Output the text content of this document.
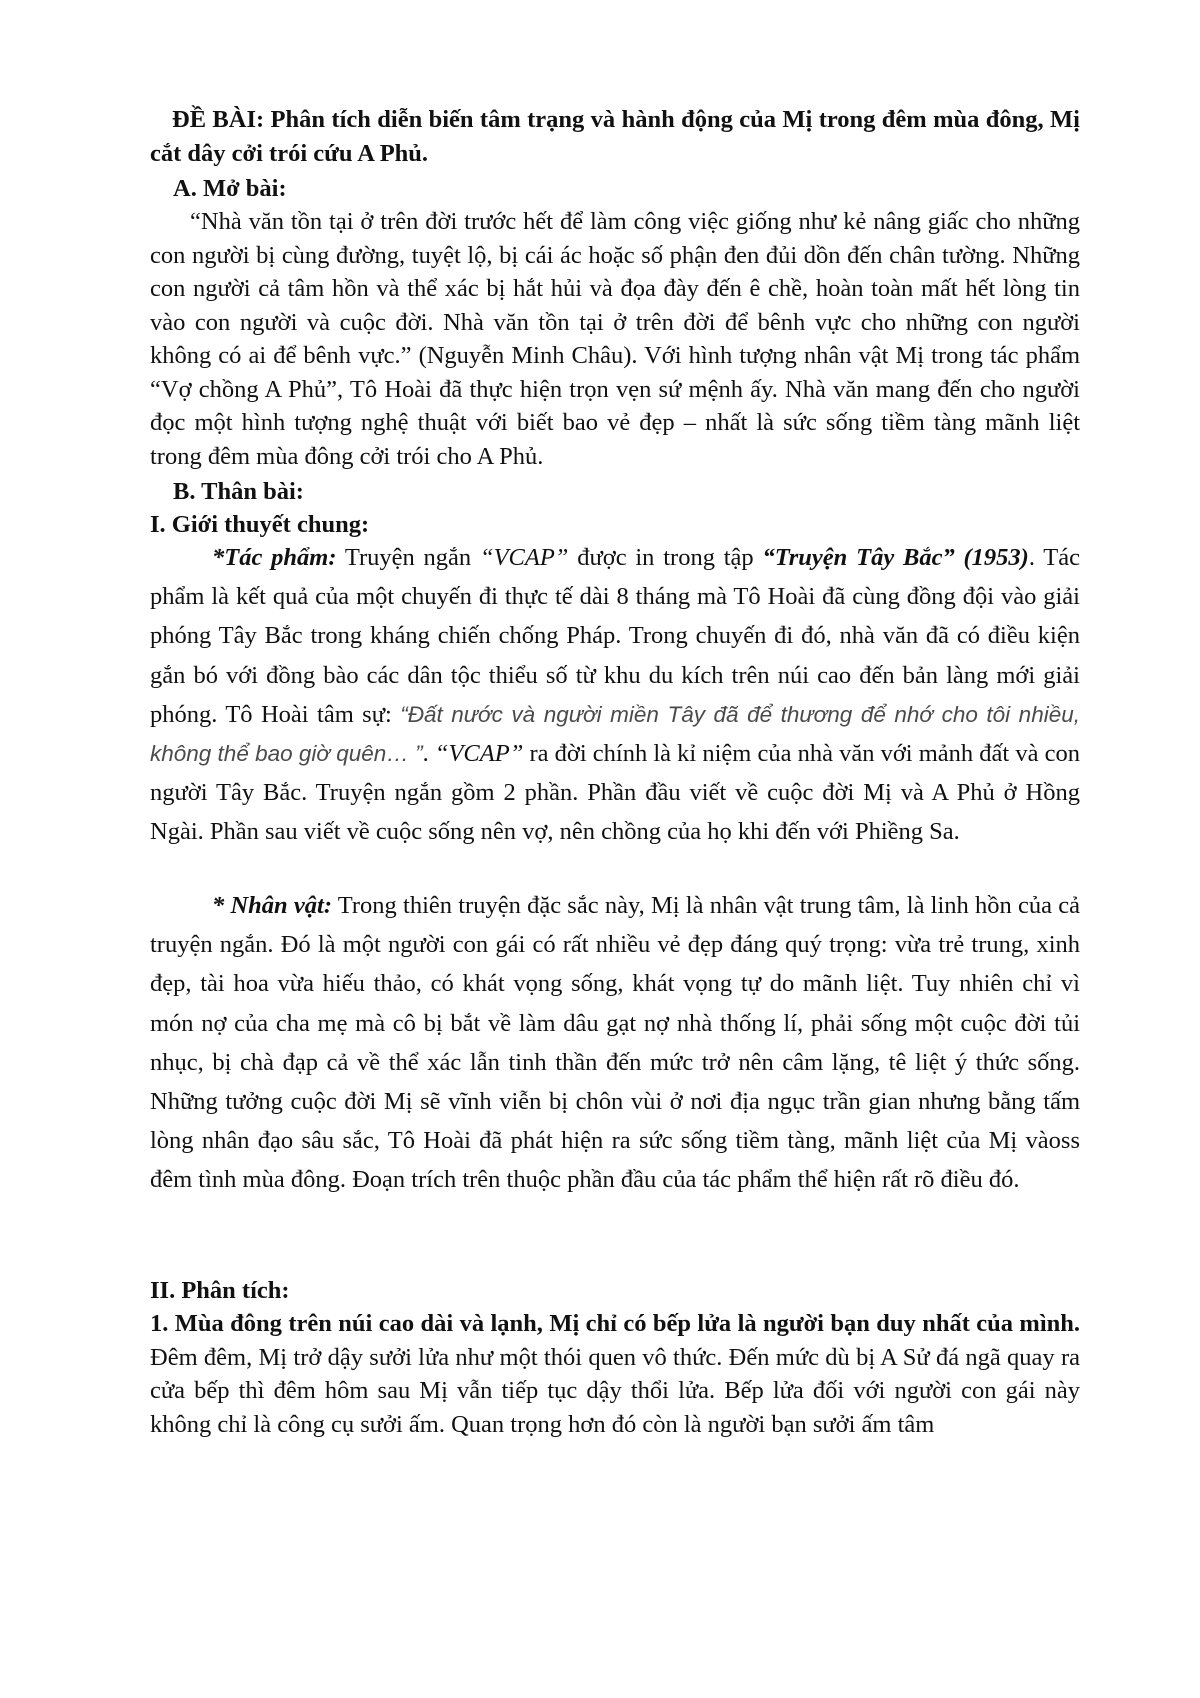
ĐỀ BÀI: Phân tích diễn biến tâm trạng và hành động của Mị trong đêm mùa đông, Mị cắt dây cởi trói cứu A Phủ.
A. Mở bài:
“Nhà văn tồn tại ở trên đời trước hết để làm công việc giống như kẻ nâng giấc cho những con người bị cùng đường, tuyệt lộ, bị cái ác hoặc số phận đen đủi dồn đến chân tường. Những con người cả tâm hồn và thể xác bị hắt hủi và đọa đày đến ê chề, hoàn toàn mất hết lòng tin vào con người và cuộc đời. Nhà văn tồn tại ở trên đời để bênh vực cho những con người không có ai để bênh vực.” (Nguyễn Minh Châu). Với hình tượng nhân vật Mị trong tác phẩm “Vợ chồng A Phủ”, Tô Hoài đã thực hiện trọn vẹn sứ mệnh ấy. Nhà văn mang đến cho người đọc một hình tượng nghệ thuật với biết bao vẻ đẹp – nhất là sức sống tiềm tàng mãnh liệt trong đêm mùa đông cởi trói cho A Phủ.
B. Thân bài:
I. Giới thuyết chung:
*Tác phẩm: Truyện ngắn “VCAP” được in trong tập “Truyện Tây Bắc” (1953). Tác phẩm là kết quả của một chuyến đi thực tế dài 8 tháng mà Tô Hoài đã cùng đồng đội vào giải phóng Tây Bắc trong kháng chiến chống Pháp. Trong chuyến đi đó, nhà văn đã có điều kiện gắn bó với đồng bào các dân tộc thiểu số từ khu du kích trên núi cao đến bản làng mới giải phóng. Tô Hoài tâm sự: “Đất nước và người miền Tây đã để thương để nhớ cho tôi nhiều, không thể bao giờ quên… ”. “VCAP” ra đời chính là kỉ niệm của nhà văn với mảnh đất và con người Tây Bắc. Truyện ngắn gồm 2 phần. Phần đầu viết về cuộc đời Mị và A Phủ ở Hồng Ngài. Phần sau viết về cuộc sống nên vợ, nên chồng của họ khi đến với Phiềng Sa.
* Nhân vật: Trong thiên truyện đặc sắc này, Mị là nhân vật trung tâm, là linh hồn của cả truyện ngắn. Đó là một người con gái có rất nhiều vẻ đẹp đáng quý trọng: vừa trẻ trung, xinh đẹp, tài hoa vừa hiếu thảo, có khát vọng sống, khát vọng tự do mãnh liệt. Tuy nhiên chỉ vì món nợ của cha mẹ mà cô bị bắt về làm dâu gạt nợ nhà thống lí, phải sống một cuộc đời tủi nhục, bị chà đạp cả về thể xác lẫn tinh thần đến mức trở nên câm lặng, tê liệt ý thức sống. Những tưởng cuộc đời Mị sẽ vĩnh viễn bị chôn vùi ở nơi địa ngục trần gian nhưng bằng tấm lòng nhân đạo sâu sắc, Tô Hoài đã phát hiện ra sức sống tiềm tàng, mãnh liệt của Mị vàoss đêm tình mùa đông. Đoạn trích trên thuộc phần đầu của tác phẩm thể hiện rất rõ điều đó.
II. Phân tích:
1. Mùa đông trên núi cao dài và lạnh, Mị chỉ có bếp lửa là người bạn duy nhất của mình. Đêm đêm, Mị trở dậy sưởi lửa như một thói quen vô thức. Đến mức dù bị A Sử đá ngã quay ra cửa bếp thì đêm hôm sau Mị vẫn tiếp tục dậy thổi lửa. Bếp lửa đối với người con gái này không chỉ là công cụ sưởi ấm. Quan trọng hơn đó còn là người bạn sưởi ấm tâm
